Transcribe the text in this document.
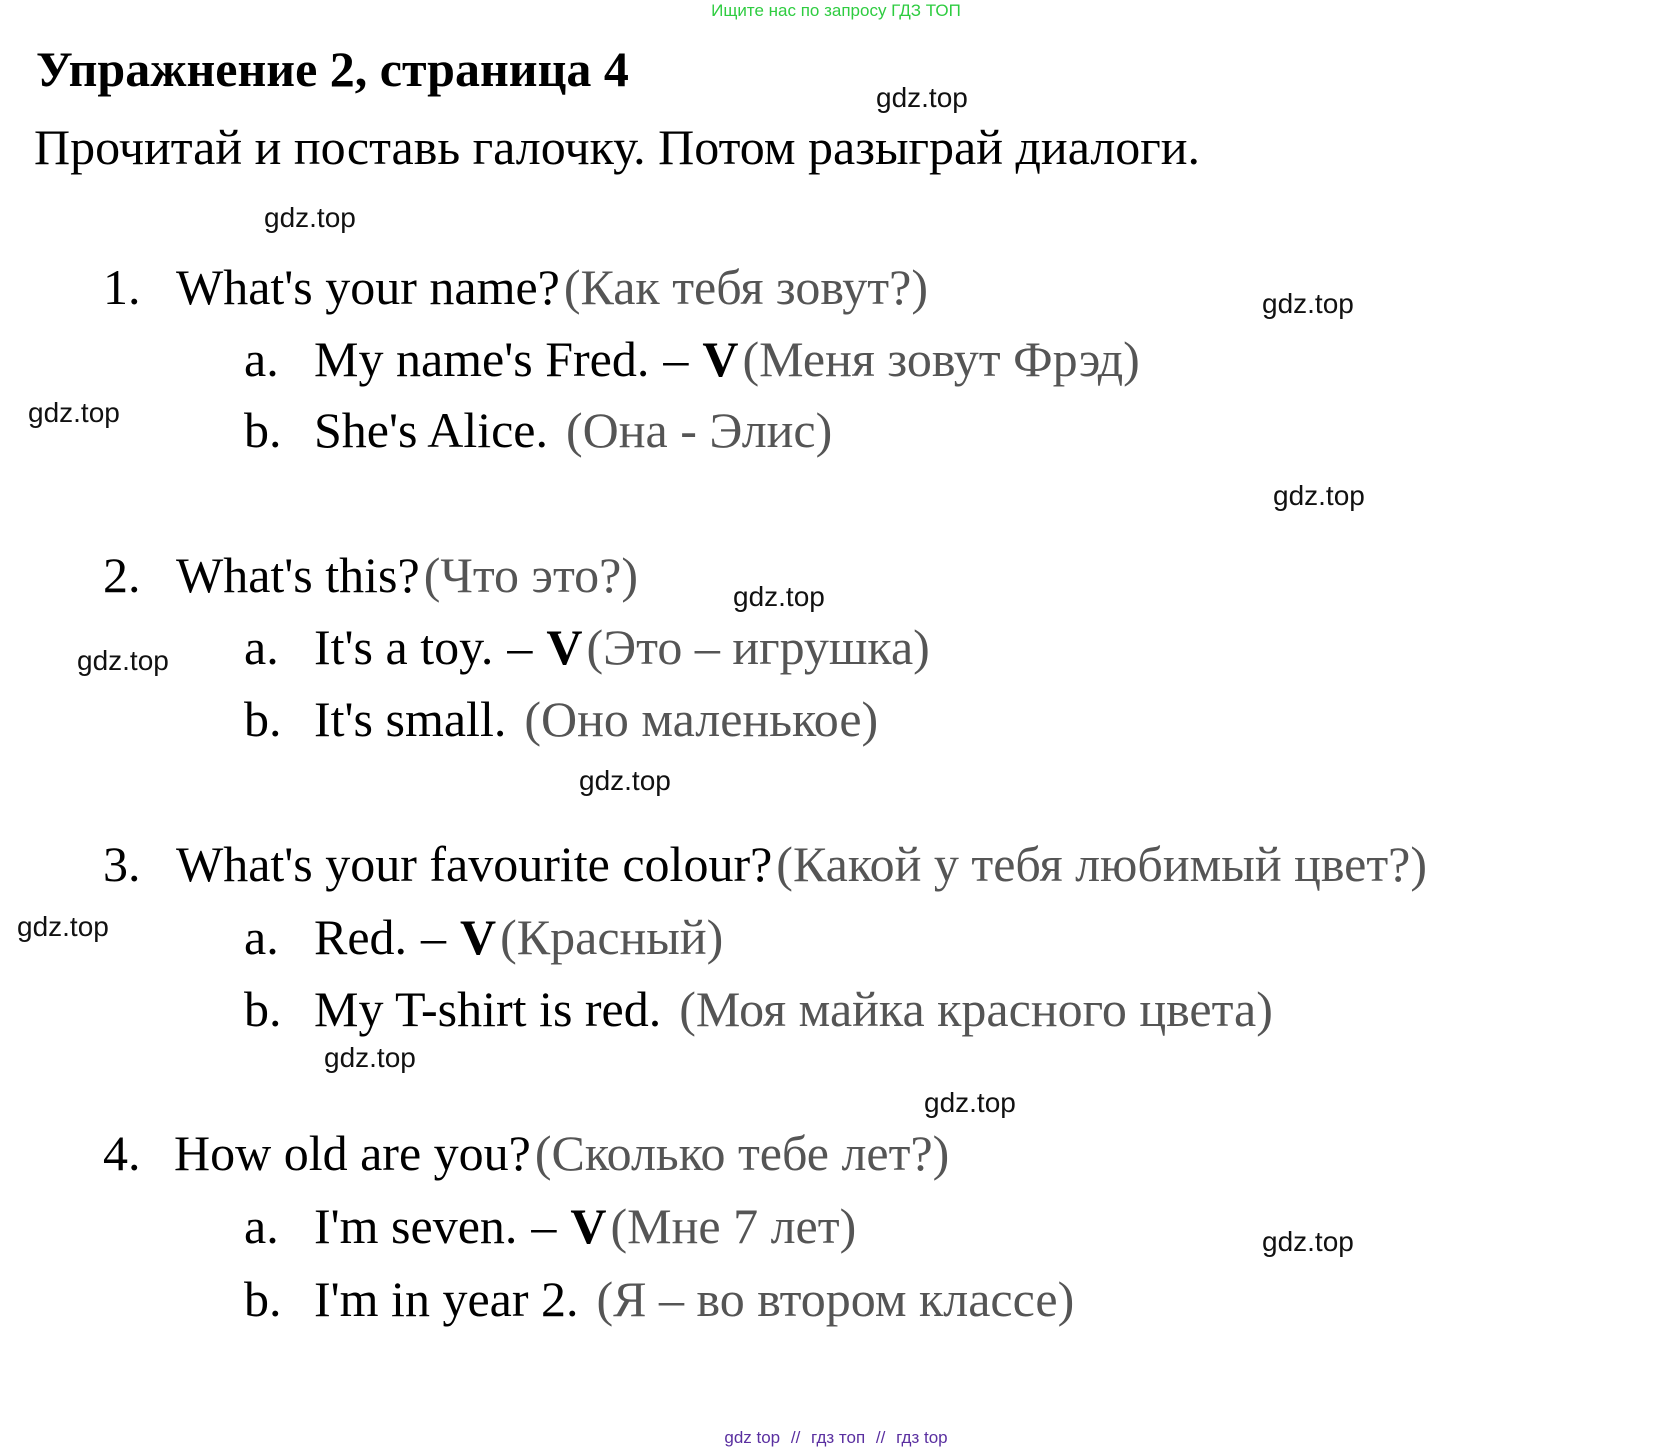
Ищите нас по запросу ГДЗ ТОП
Упражнение 2, страница 4
Прочитай и поставь галочку. Потом разыграй диалоги.
1. What's your name? (Как тебя зовут?)
a. My name's Fred. – V (Меня зовут Фрэд)
b. She's Alice. (Она - Элис)
2. What's this? (Что это?)
a. It's a toy. – V (Это – игрушка)
b. It's small. (Оно маленькое)
3. What's your favourite colour? (Какой у тебя любимый цвет?)
a. Red. – V (Красный)
b. My T-shirt is red. (Моя майка красного цвета)
4. How old are you? (Сколько тебе лет?)
a. I'm seven. – V (Мне 7 лет)
b. I'm in year 2. (Я – во втором классе)
gdz.top
gdz.top
gdz.top
gdz.top
gdz.top
gdz.top
gdz.top
gdz.top
gdz.top
gdz.top
gdz.top
gdz.top
gdz top // гдз топ // гдз top
